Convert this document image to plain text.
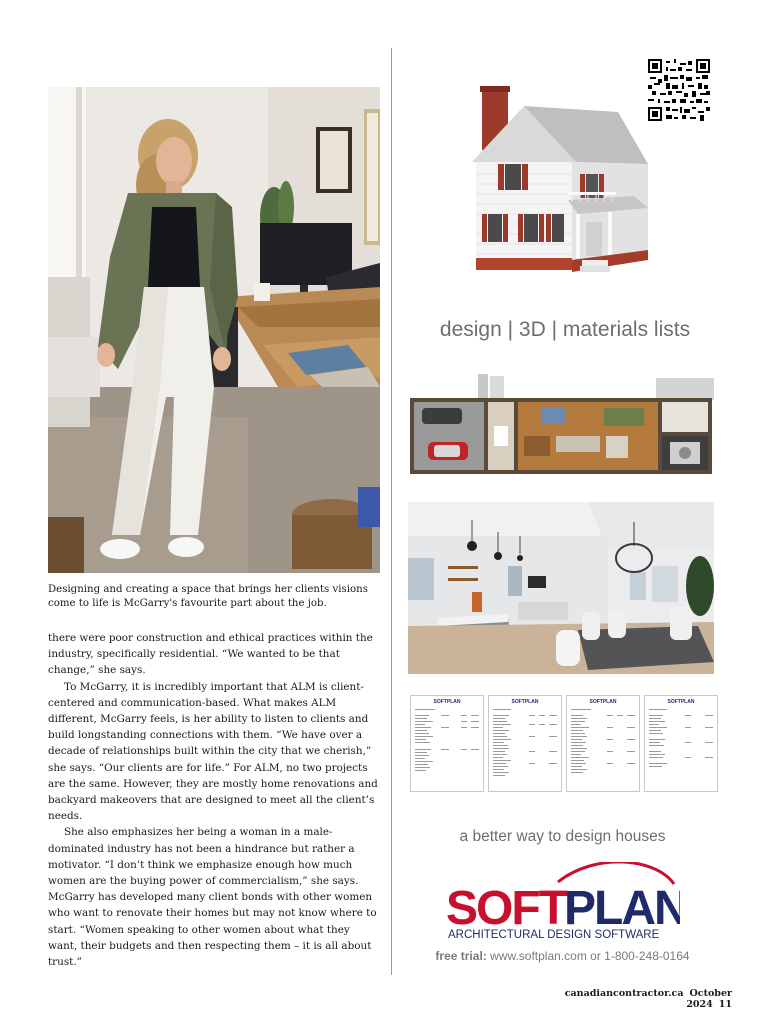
Designing and creating a space that brings her clients visions come to life is McGarry's favourite part about the job.

there were poor construction and ethical practices within the industry, specifically residential. “We wanted to be that change,” she says.

To McGarry, it is incredibly important that ALM is client-centered and communication-based. What makes ALM different, McGarry feels, is her ability to listen to clients and build longstanding connections with them. “We have over a decade of relationships built within the city that we cherish,” she says. “Our clients are for life.” For ALM, no two projects are the same. However, they are mostly home renovations and backyard makeovers that are designed to meet all the client’s needs.

She also emphasizes her being a woman in a male-dominated industry has not been a hindrance but rather a motivator. “I don’t think we emphasize enough how much women are the buying power of commercialism,” she says. McGarry has developed many client bonds with other women who want to renovate their homes but may not know where to start. “Women speaking to other women about what they want, their budgets and then respecting them – it is all about trust.”

design | 3D | materials lists
SOFTPLAN	SOFTPLAN	SOFTPLAN	SOFTPLAN
a better way to design houses
SOFT
PLAN
ARCHITECTURAL DESIGN SOFTWARE
free trial: www.softplan.com or 1-800-248-0164
canadiancontractor.ca October 2024 11
